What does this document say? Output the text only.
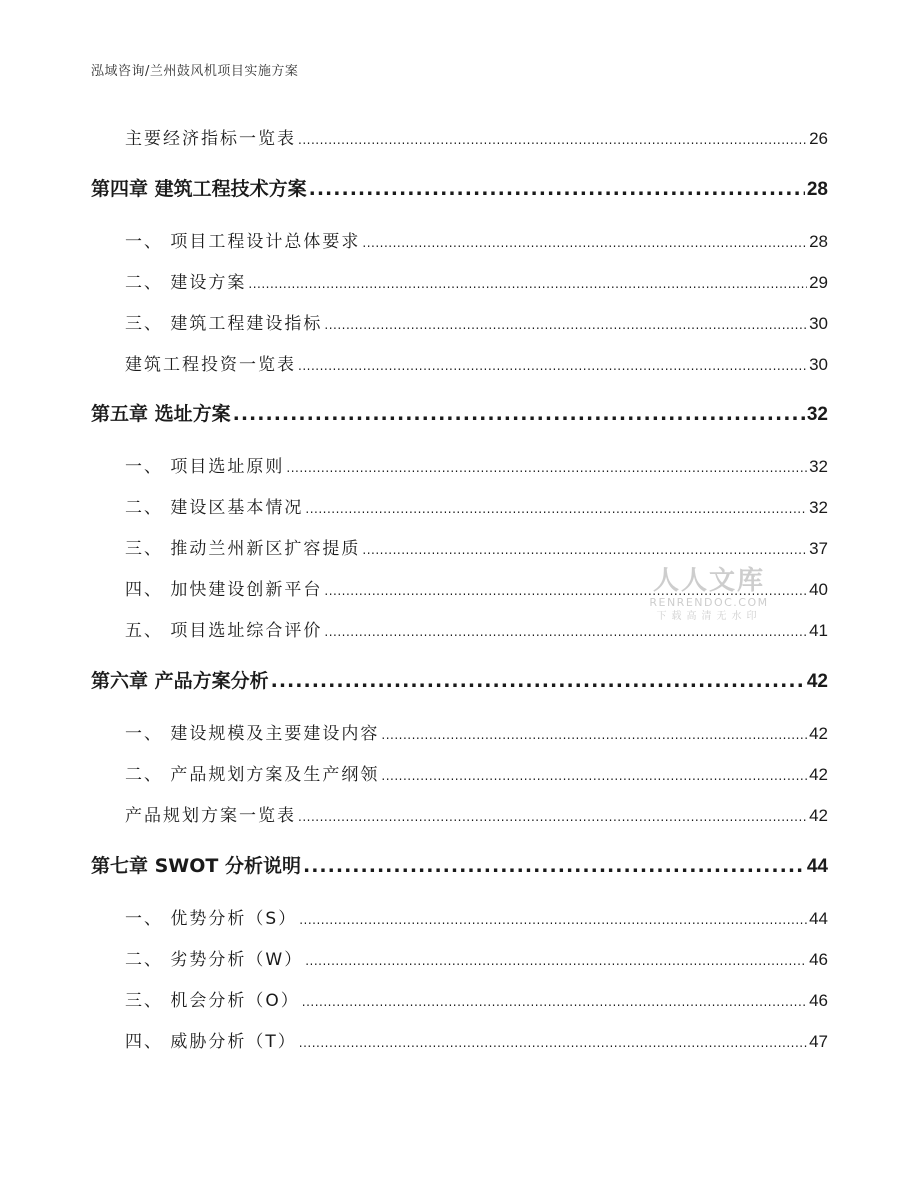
泓域咨询/兰州鼓风机项目实施方案
主要经济指标一览表 .....	26
第四章 建筑工程技术方案 .....	28
一、 项目工程设计总体要求 .....	28
二、 建设方案 .....	29
三、 建筑工程建设指标 .....	30
建筑工程投资一览表 .....	30
第五章 选址方案 .....	32
一、 项目选址原则 .....	32
二、 建设区基本情况 .....	32
三、 推动兰州新区扩容提质 .....	37
四、 加快建设创新平台 .....	40
五、 项目选址综合评价 .....	41
第六章 产品方案分析 .....	42
一、 建设规模及主要建设内容 .....	42
二、 产品规划方案及生产纲领 .....	42
产品规划方案一览表 .....	42
第七章 SWOT 分析说明 .....	44
一、 优势分析（S） .....	44
二、 劣势分析（W） .....	46
三、 机会分析（O） .....	46
四、 威胁分析（T） .....	47
人人文库
RENRENDOC.COM
下载高清无水印
